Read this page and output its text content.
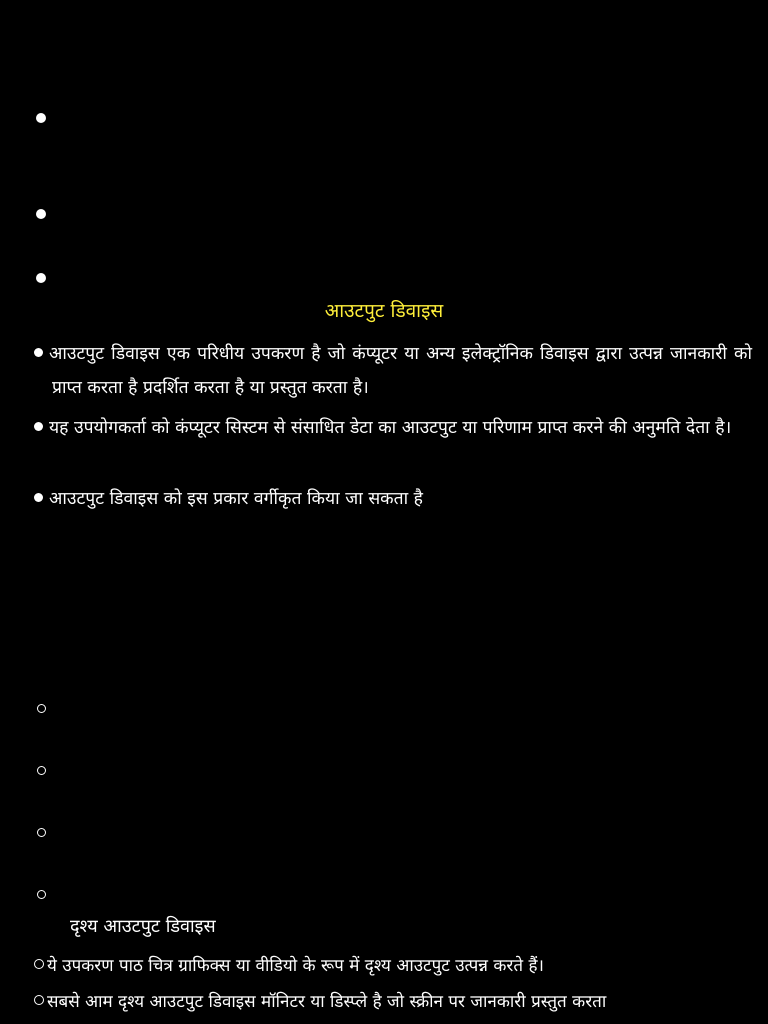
आउटपुट डिवाइस
आउटपुट डिवाइस एक परिधीय उपकरण है जो कंप्यूटर या अन्य इलेक्ट्रॉनिक डिवाइस द्वारा उत्पन्न जानकारी को प्राप्त करता है प्रदर्शित करता है या प्रस्तुत करता है।
यह उपयोगकर्ता को कंप्यूटर सिस्टम से संसाधित डेटा का आउटपुट या परिणाम प्राप्त करने की अनुमति देता है।
आउटपुट डिवाइस को इस प्रकार वर्गीकृत किया जा सकता है
दृश्य आउटपुट डिवाइस
ये उपकरण पाठ चित्र ग्राफिक्स या वीडियो के रूप में दृश्य आउटपुट उत्पन्न करते हैं।
सबसे आम दृश्य आउटपुट डिवाइस मॉनिटर या डिस्प्ले है जो स्क्रीन पर जानकारी प्रस्तुत करता
